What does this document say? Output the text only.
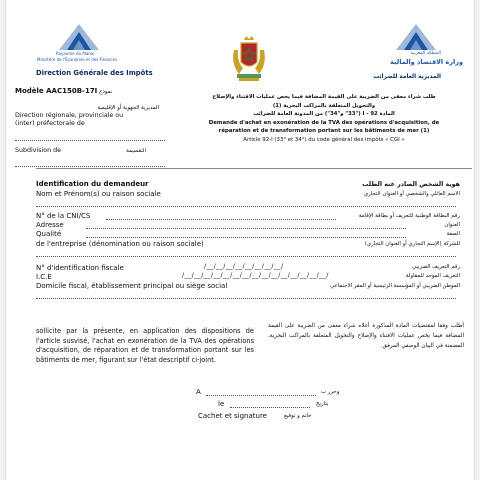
Royaume du Maroc
Ministère de l'Économie et des Finances
Direction Générale des Impôts
المملكة المغربية
وزارة الاقتصاد والمالية
المديرية العامة للضرائب
Modèle AAC150B-17I نموذج
المديرية الجهوية أو الإقليمية
Direction régionale, provinciale ou
(inter) préfectorale de
Subdivision de	التقسيمة
طلب شراء معفى من الضريبة على القيمة المضافة فيما يخص عمليات الاقتناء والإصلاح
والتحويل المتعلقة بالمراكب البحرية (1)
المادة 92 - I ("33" و"34") من المدونة العامة للضرائب
Demande d'achat en exonération de la TVA des opérations d'acquisition, de
réparation et de transformation portant sur les bâtiments de mer (1)
Article 92-I (33° et 34°) du code général des impôts « CGI »
Identification du demandeur	هوية الشخص الصادر عنه الطلب
Nom et Prénom(s) ou raison sociale	الاسم العائلي والشخصي أو العنوان التجاري
N° de la CNI/CS	رقم البطاقة الوطنية للتعريف أو بطاقة الإقامة
Adresse	العنوان
Qualité	الصفة
de l'entreprise (dénomination ou raison sociale)	للشركة (الإسم التجاري أو العنوان التجاري)
N° d'identification fiscale	/__/__/__/__/__/__/__/__/	رقم التعريف الضريبي
I.C.E	/__/__/__/__/__/__/__/__/__/__/__/__/__/__/__/	التعريف الموحد للمقاولة
Domicile fiscal, établissement principal ou siège social	الموطن الضريبي أو المؤسسة الرئيسية أو المقر الاجتماعي
sollicite par la présente, en application des dispositions de l'article susvisé, l'achat en exonération de la TVA des opérations d'acquisition, de réparation et de transformation portant sur les bâtiments de mer, figurant sur l'état descriptif ci-joint.
أطلب وفقا لمقتضيات المادة المذكورة أعلاه شراء معفى من الضريبة على القيمة المضافة فيما يخص عمليات الاقتناء والإصلاح والتحويل المتعلقة بالمراكب البحرية، المضمنة في البيان الوصفي المرفق.
A	وحرر ب
le	بتاريخ
Cachet et signature	خاتم و توقيع
